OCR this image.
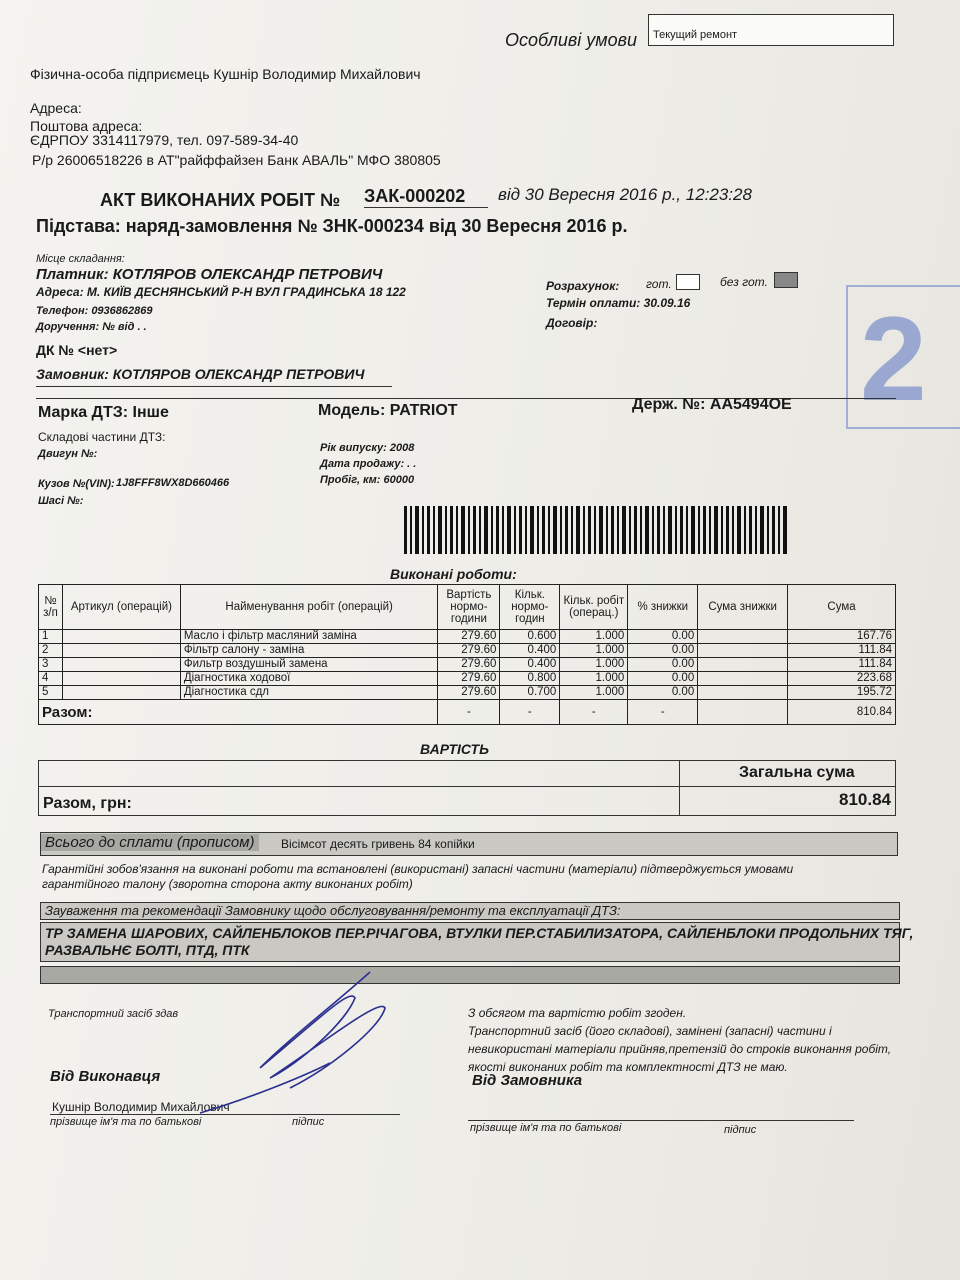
2
Особливі умови Текущий ремонт
Фізична-особа підприємець Кушнір Володимир Михайлович
Адреса:
Поштова адреса:
ЄДРПОУ 3314117979, тел. 097-589-34-40
Р/р 26006518226 в АТ"райффайзен Банк АВАЛЬ" МФО 380805
АКТ ВИКОНАНИХ РОБІТ № ЗАК-000202	від 30 Вересня 2016 р., 12:23:28
Підстава: наряд-замовлення № ЗНК-000234 від 30 Вересня 2016 р.
Місце складання:
Платник: КОТЛЯРОВ ОЛЕКСАНДР ПЕТРОВИЧ
Адреса: М. КИЇВ ДЕСНЯНСЬКИЙ Р-Н ВУЛ ГРАДИНСЬКА 18 122
Телефон: 0936862869
Доручення: № від . .
ДК № <нет>
Замовник: КОТЛЯРОВ ОЛЕКСАНДР ПЕТРОВИЧ
Розрахунок: гот.	без гот.
Термін оплати: 30.09.16
Договір:
Марка ДТЗ: Інше	Модель: PATRIOT	Держ. №: AA5494OE
Складові частини ДТЗ:
Двигун №:	Рік випуску: 2008
Дата продажу: . .
Пробіг, км: 60000
Кузов №(VIN): 1J8FFF8WX8D660466
Шасі №:
Виконані роботи:
№ з/п	Артикул (операцій)	Найменування робіт (операцій)	Вартість нормо-години	Кільк. нормо-годин	Кільк. робіт (операц.)	% знижки	Сума знижки	Сума
1		Масло і фільтр масляний заміна	279.60	0.600	1.000	0.00		167.76
2		Фільтр салону - заміна	279.60	0.400	1.000	0.00		111.84
3		Фильтр воздушный замена	279.60	0.400	1.000	0.00		111.84
4		Діагностика ходової	279.60	0.800	1.000	0.00		223.68
5		Діагностика сдл	279.60	0.700	1.000	0.00		195.72
Разом:			-	-	-	-		810.84
ВАРТІСТЬ
Загальна сума
Разом, грн:	810.84
Всього до сплати (прописом)	Вісімсот десять гривень 84 копійки
Гарантійні зобов'язання на виконані роботи та встановлені (використані) запасні частини (матеріали) підтверджується умовами гарантійного талону (зворотна сторона акту виконаних робіт)
Зауваження та рекомендації Замовнику щодо обслуговування/ремонту та експлуатації ДТЗ:
ТР ЗАМЕНА ШАРОВИХ, САЙЛЕНБЛОКОВ ПЕР.РІЧАГОВА, ВТУЛКИ ПЕР.СТАБИЛИЗАТОРА, САЙЛЕНБЛОКИ ПРОДОЛЬНИХ ТЯГ,
РАЗВАЛЬНЄ БОЛТІ, ПТД, ПТК
Транспортний засіб здав	З обсягом та вартістю робіт згоден.
Транспортний засіб (його складові), замінені (запасні) частини і
невикористані матеріали прийняв,претензій до строків виконання робіт,
якості виконаних робіт та комплектності ДТЗ не маю.
Від Виконавця	Від Замовника
Кушнір Володимир Михайлович
прізвище ім'я та по батькові	підпис	прізвище ім'я та по батькові	підпис
